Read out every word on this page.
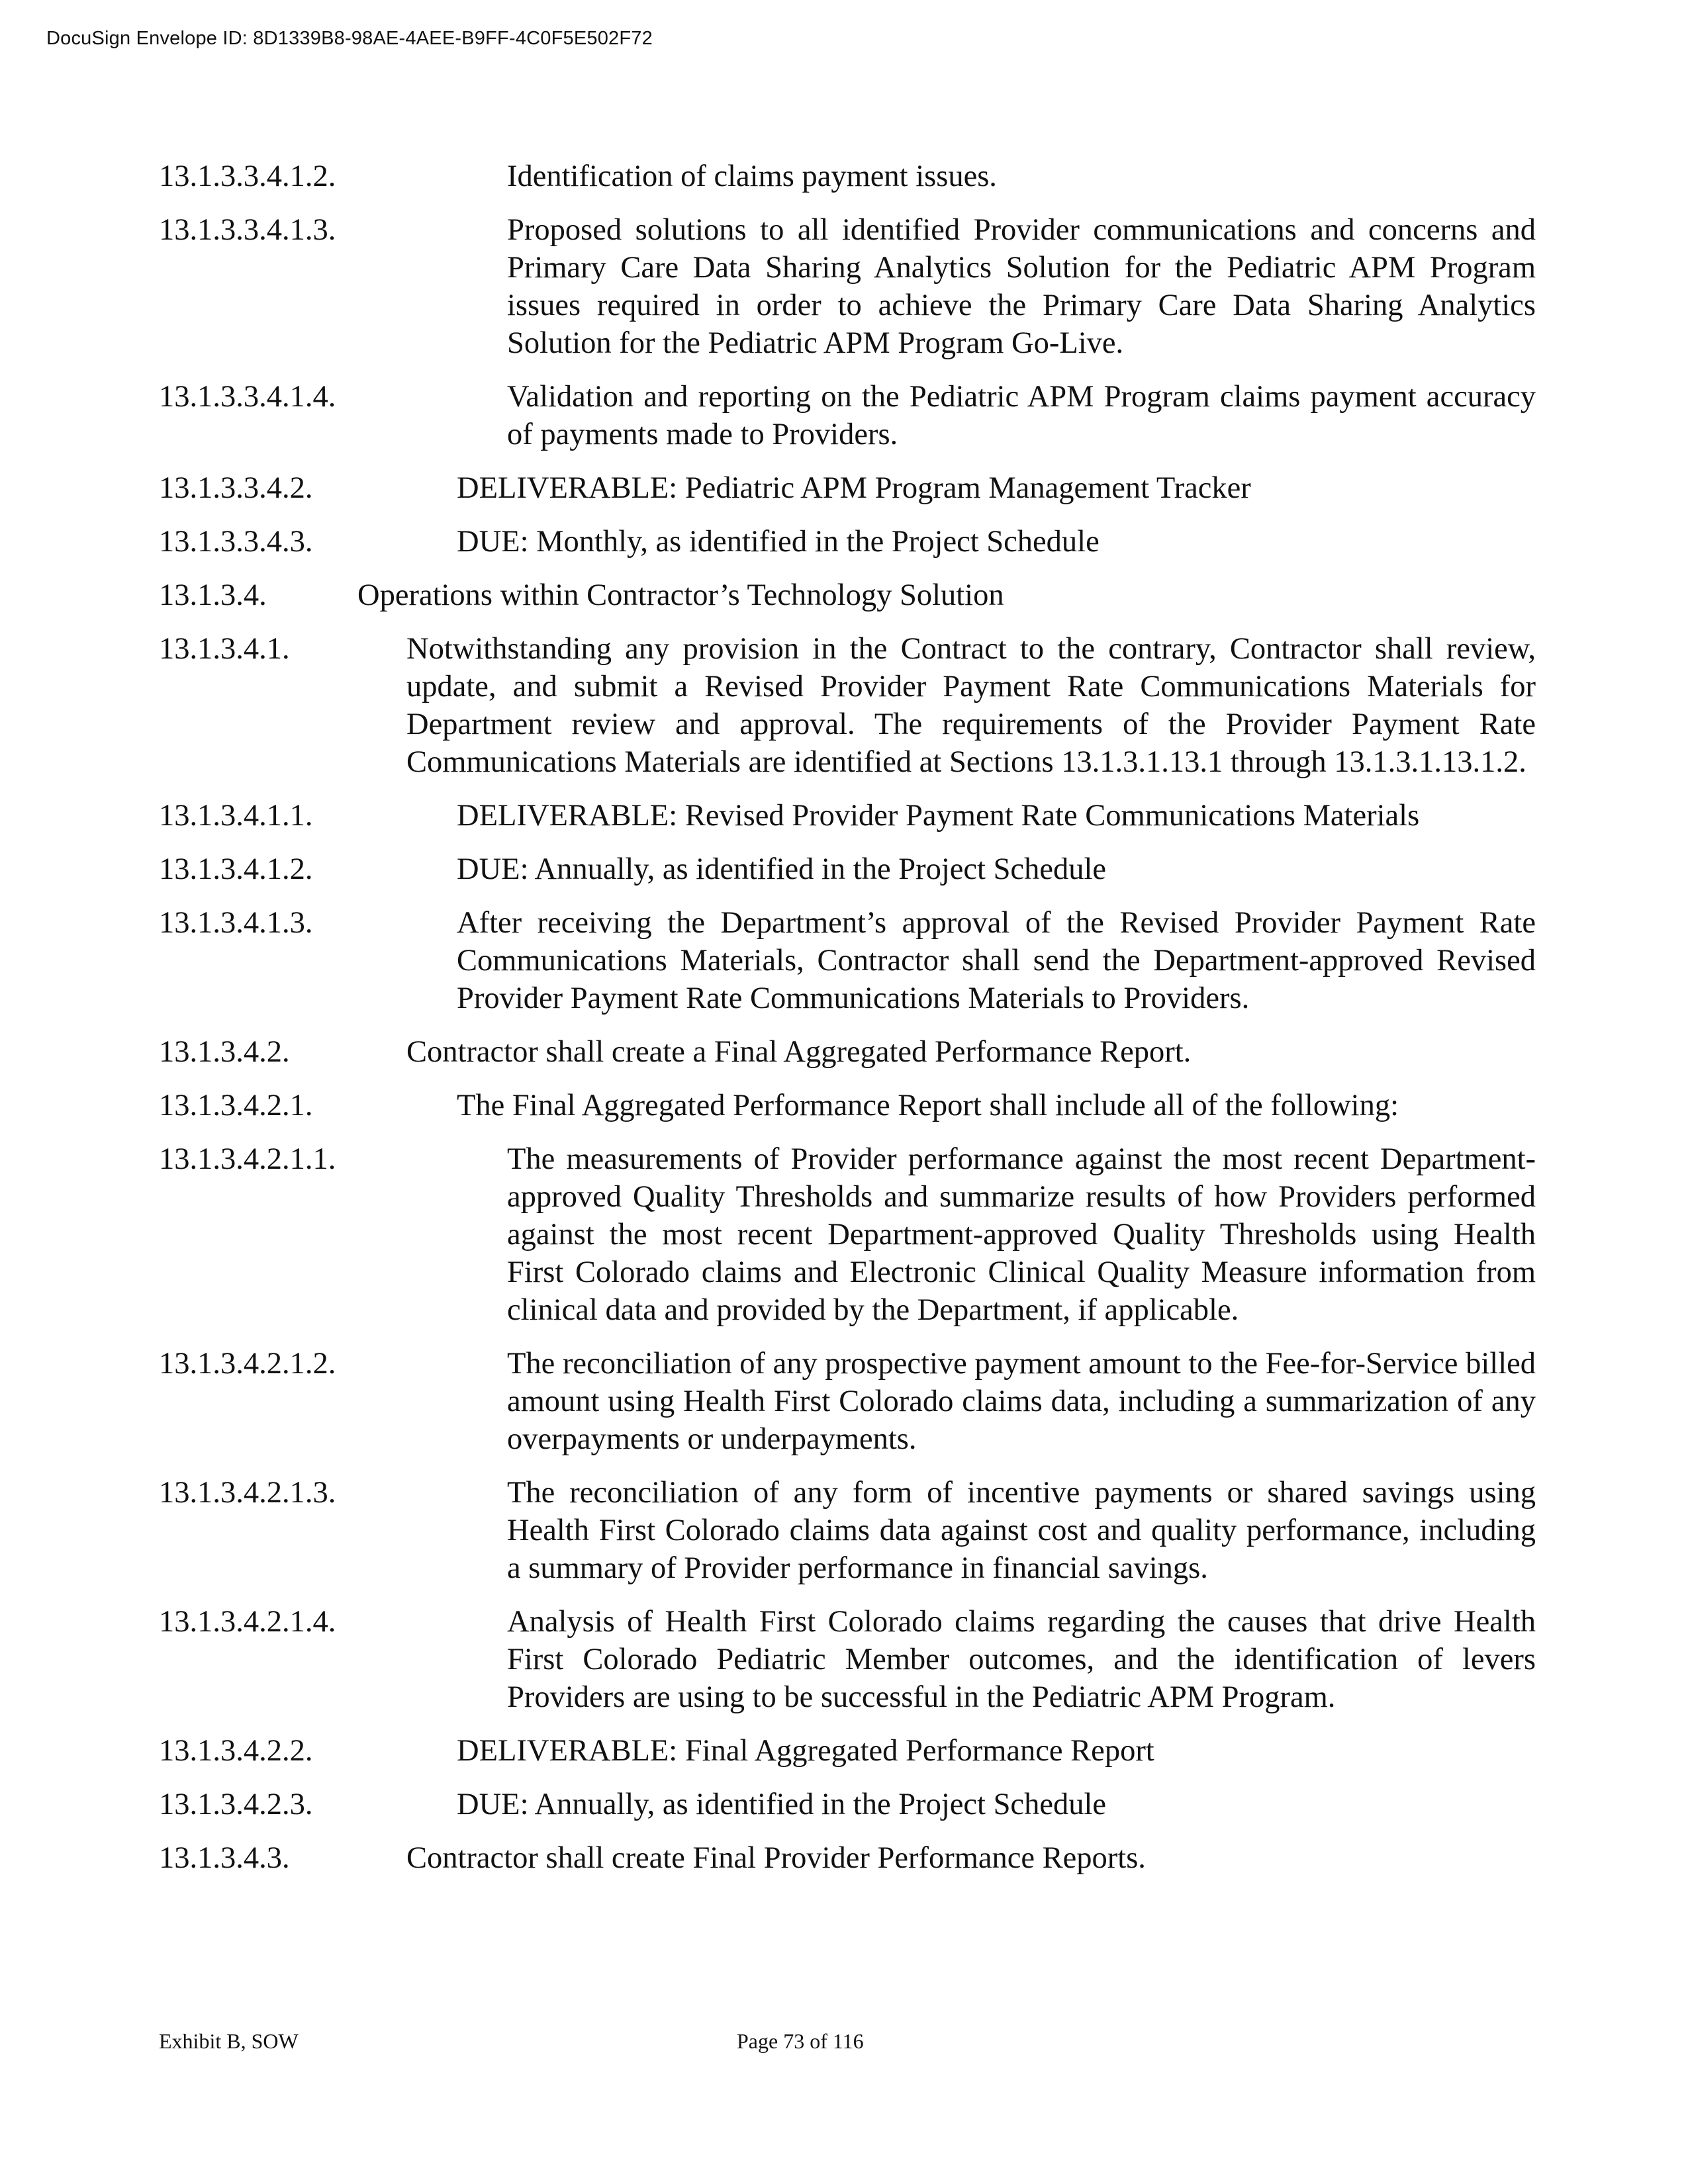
DocuSign Envelope ID: 8D1339B8-98AE-4AEE-B9FF-4C0F5E502F72
13.1.3.3.4.1.2.	Identification of claims payment issues.
13.1.3.3.4.1.3.	Proposed solutions to all identified Provider communications and concerns and Primary Care Data Sharing Analytics Solution for the Pediatric APM Program issues required in order to achieve the Primary Care Data Sharing Analytics Solution for the Pediatric APM Program Go-Live.
13.1.3.3.4.1.4.	Validation and reporting on the Pediatric APM Program claims payment accuracy of payments made to Providers.
13.1.3.3.4.2.	DELIVERABLE: Pediatric APM Program Management Tracker
13.1.3.3.4.3.	DUE: Monthly, as identified in the Project Schedule
13.1.3.4.	Operations within Contractor’s Technology Solution
13.1.3.4.1.	Notwithstanding any provision in the Contract to the contrary, Contractor shall review, update, and submit a Revised Provider Payment Rate Communications Materials for Department review and approval. The requirements of the Provider Payment Rate Communications Materials are identified at Sections 13.1.3.1.13.1 through 13.1.3.1.13.1.2.
13.1.3.4.1.1.	DELIVERABLE: Revised Provider Payment Rate Communications Materials
13.1.3.4.1.2.	DUE: Annually, as identified in the Project Schedule
13.1.3.4.1.3.	After receiving the Department’s approval of the Revised Provider Payment Rate Communications Materials, Contractor shall send the Department-approved Revised Provider Payment Rate Communications Materials to Providers.
13.1.3.4.2.	Contractor shall create a Final Aggregated Performance Report.
13.1.3.4.2.1.	The Final Aggregated Performance Report shall include all of the following:
13.1.3.4.2.1.1.	The measurements of Provider performance against the most recent Department-approved Quality Thresholds and summarize results of how Providers performed against the most recent Department-approved Quality Thresholds using Health First Colorado claims and Electronic Clinical Quality Measure information from clinical data and provided by the Department, if applicable.
13.1.3.4.2.1.2.	The reconciliation of any prospective payment amount to the Fee-for-Service billed amount using Health First Colorado claims data, including a summarization of any overpayments or underpayments.
13.1.3.4.2.1.3.	The reconciliation of any form of incentive payments or shared savings using Health First Colorado claims data against cost and quality performance, including a summary of Provider performance in financial savings.
13.1.3.4.2.1.4.	Analysis of Health First Colorado claims regarding the causes that drive Health First Colorado Pediatric Member outcomes, and the identification of levers Providers are using to be successful in the Pediatric APM Program.
13.1.3.4.2.2.	DELIVERABLE: Final Aggregated Performance Report
13.1.3.4.2.3.	DUE: Annually, as identified in the Project Schedule
13.1.3.4.3.	Contractor shall create Final Provider Performance Reports.
Exhibit B, SOW	Page 73 of 116
